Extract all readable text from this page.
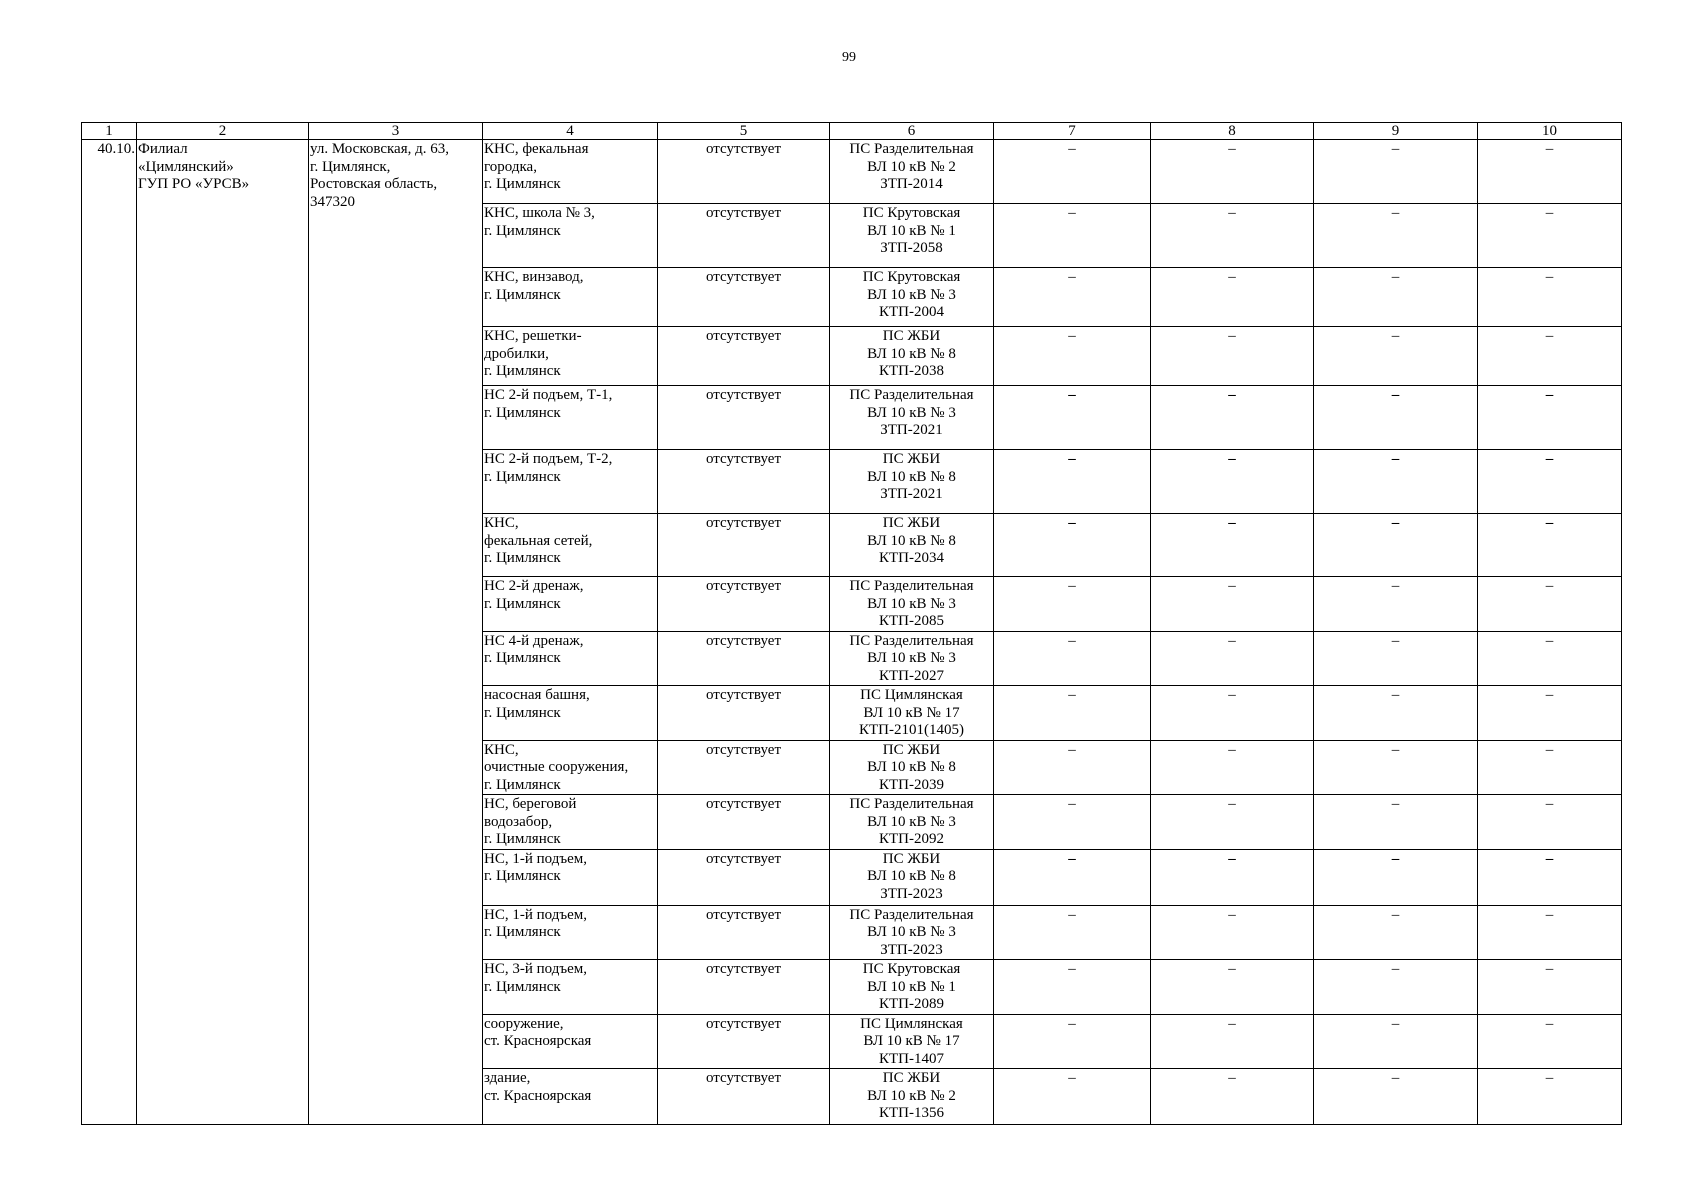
99
1	2	3	4	5	6	7	8	9	10
40.10.	Филиал
«Цимлянский»
ГУП РО «УРСВ»	ул. Московская, д. 63,
г. Цимлянск,
Ростовская область,
347320	КНС, фекальная
городка,
г. Цимлянск	отсутствует	ПС Разделительная
ВЛ 10 кВ № 2
ЗТП-2014	–	–	–	–
			КНС, школа № 3,
г. Цимлянск	отсутствует	ПС Крутовская
ВЛ 10 кВ № 1
ЗТП-2058	–	–	–	–
			КНС, винзавод,
г. Цимлянск	отсутствует	ПС Крутовская
ВЛ 10 кВ № 3
КТП-2004	–	–	–	–
			КНС, решетки-
дробилки,
г. Цимлянск	отсутствует	ПС ЖБИ
ВЛ 10 кВ № 8
КТП-2038	–	–	–	–
			НС 2-й подъем, Т-1,
г. Цимлянск	отсутствует	ПС Разделительная
ВЛ 10 кВ № 3
ЗТП-2021	–	–	–	–
			НС 2-й подъем, Т-2,
г. Цимлянск	отсутствует	ПС ЖБИ
ВЛ 10 кВ № 8
ЗТП-2021	–	–	–	–
			КНС,
фекальная сетей,
г. Цимлянск	отсутствует	ПС ЖБИ
ВЛ 10 кВ № 8
КТП-2034	–	–	–	–
			НС 2-й дренаж,
г. Цимлянск	отсутствует	ПС Разделительная
ВЛ 10 кВ № 3
КТП-2085	–	–	–	–
			НС 4-й дренаж,
г. Цимлянск	отсутствует	ПС Разделительная
ВЛ 10 кВ № 3
КТП-2027	–	–	–	–
			насосная башня,
г. Цимлянск	отсутствует	ПС Цимлянская
ВЛ 10 кВ № 17
КТП-2101(1405)	–	–	–	–
			КНС,
очистные сооружения,
г. Цимлянск	отсутствует	ПС ЖБИ
ВЛ 10 кВ № 8
КТП-2039	–	–	–	–
			НС, береговой
водозабор,
г. Цимлянск	отсутствует	ПС Разделительная
ВЛ 10 кВ № 3
КТП-2092	–	–	–	–
			НС, 1-й подъем,
г. Цимлянск	отсутствует	ПС ЖБИ
ВЛ 10 кВ № 8
ЗТП-2023	–	–	–	–
			НС, 1-й подъем,
г. Цимлянск	отсутствует	ПС Разделительная
ВЛ 10 кВ № 3
ЗТП-2023	–	–	–	–
			НС, 3-й подъем,
г. Цимлянск	отсутствует	ПС Крутовская
ВЛ 10 кВ № 1
КТП-2089	–	–	–	–
			сооружение,
ст. Красноярская	отсутствует	ПС Цимлянская
ВЛ 10 кВ № 17
КТП-1407	–	–	–	–
			здание,
ст. Красноярская	отсутствует	ПС ЖБИ
ВЛ 10 кВ № 2
КТП-1356	–	–	–	–
